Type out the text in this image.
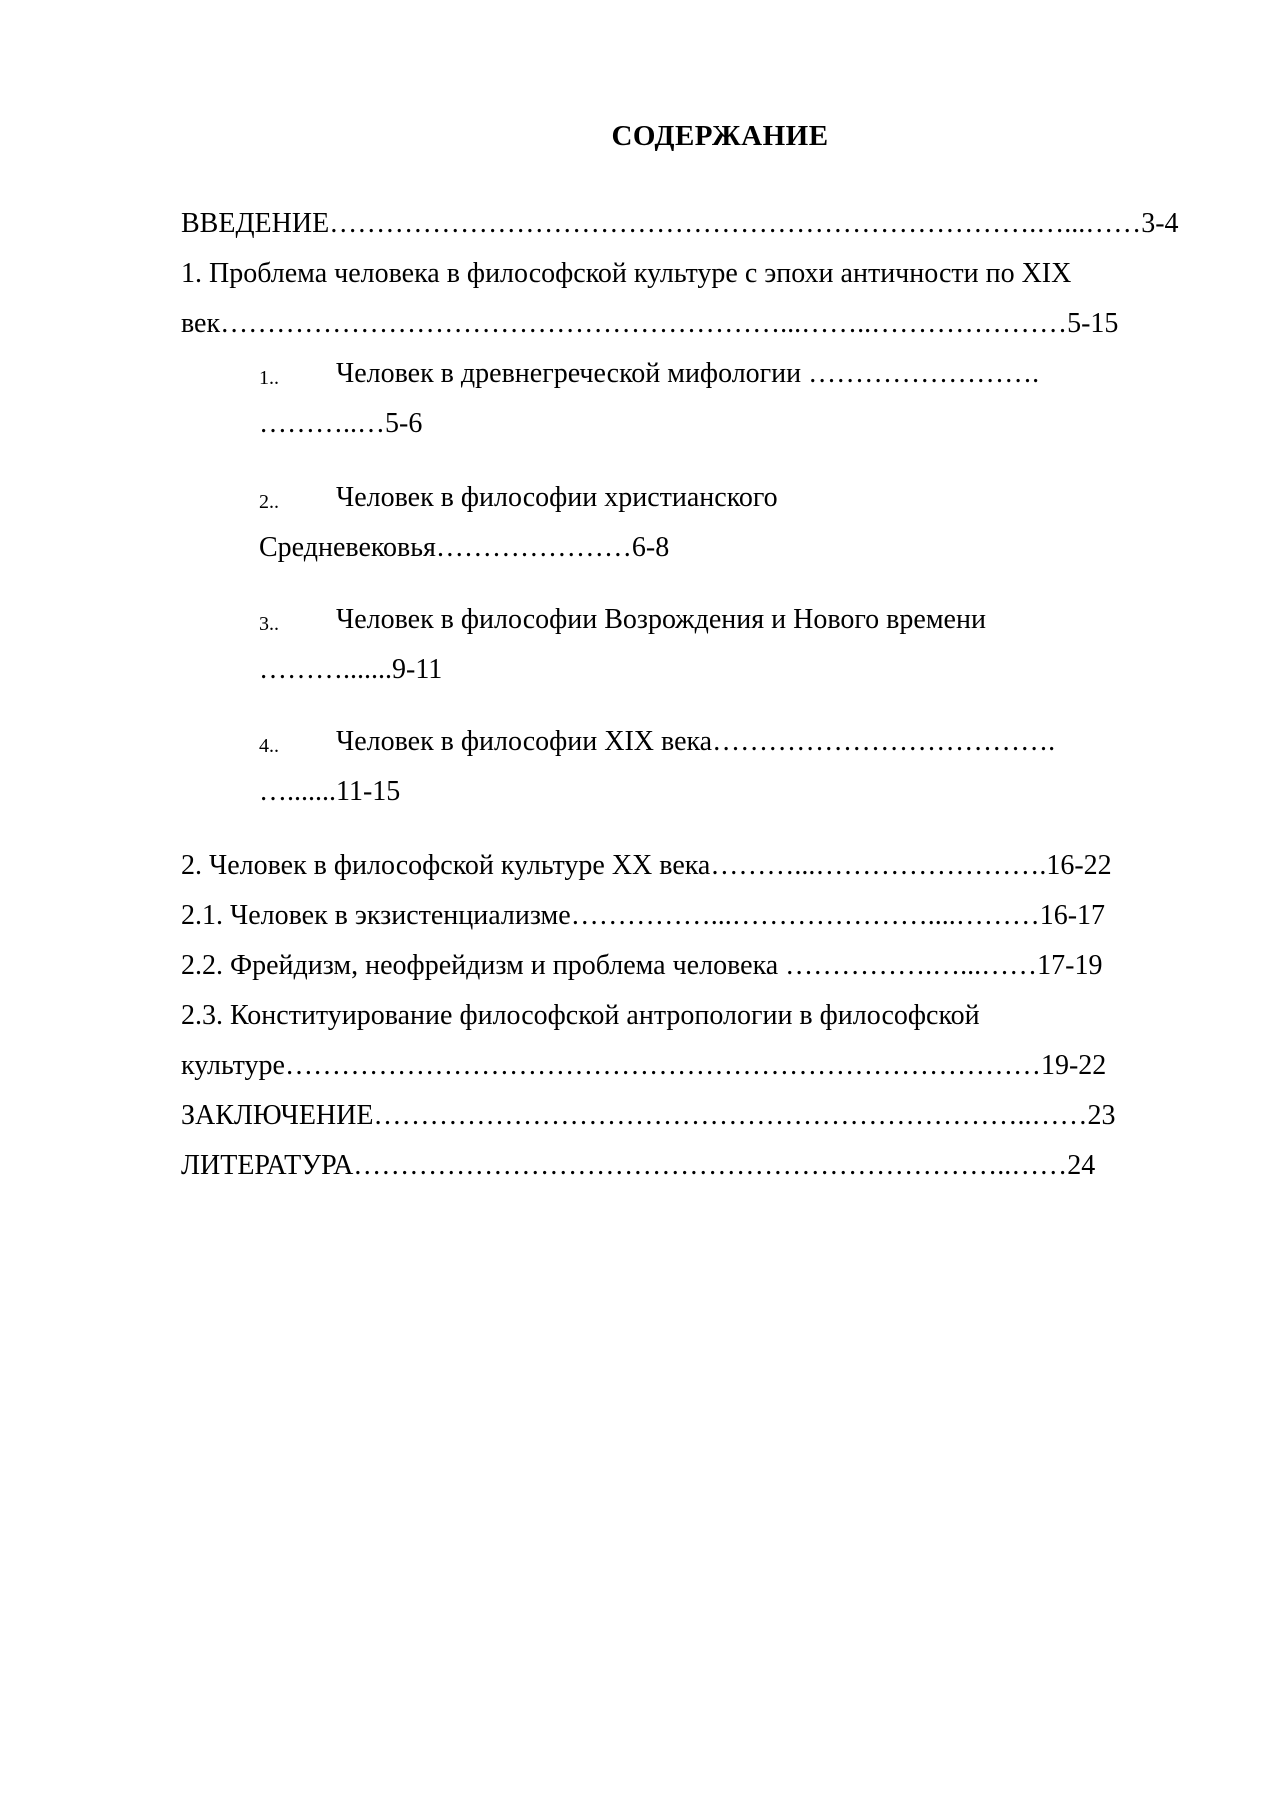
СОДЕРЖАНИЕ
ВВЕДЕНИЕ………………………………………………………………….…...……3-4
1. Проблема человека в философской культуре с эпохи античности по XIX
век……………………………………………………...……..…………………5-15
1.. Человек в древнегреческой мифологии …………………….
………..…5-6
2.. Человек в философии христианского
Средневековья…………………6-8
3.. Человек в философии Возрождения и Нового времени
……….......9-11
4.. Человек в философии XIX века……………………………….
….......11-15
2. Человек в философской культуре XX века………...…………………….16-22
2.1. Человек в экзистенциализме……………...…………………....………16-17
2.2. Фрейдизм, неофрейдизм и проблема человека …………….…...……17-19
2.3. Конституирование философской антропологии в философской
культуре………………………………………………………………………19-22
ЗАКЛЮЧЕНИЕ……………………………………………………………..……23
ЛИТЕРАТУРА……………………………………………………………..……24
